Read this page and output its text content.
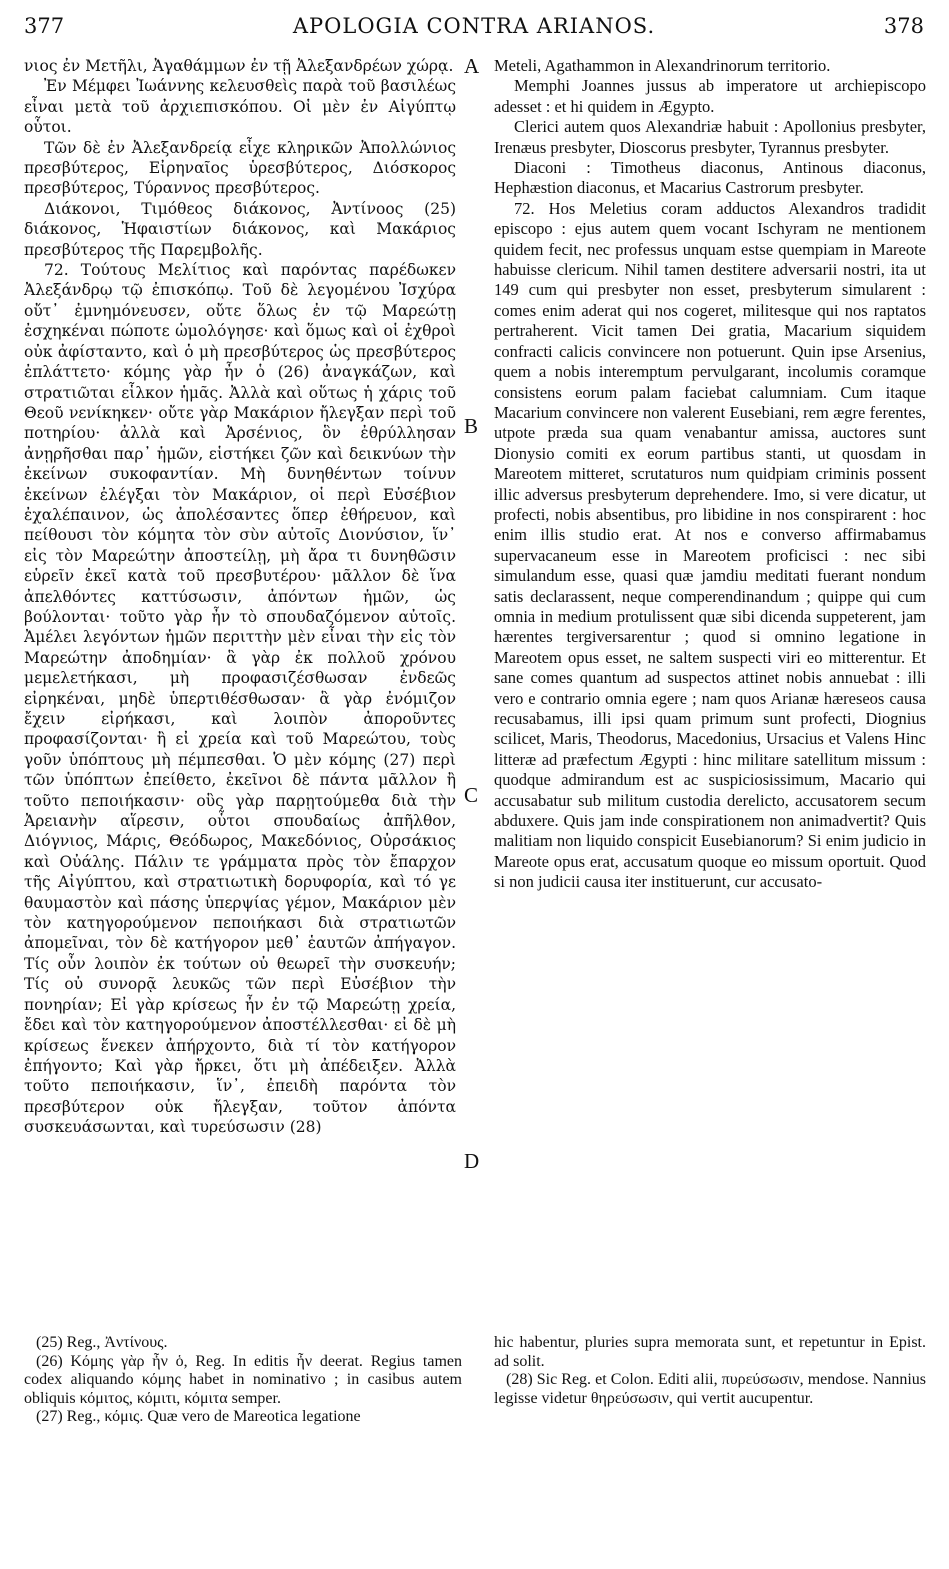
377	APOLOGIA CONTRA ARIANOS.	378

νιος ἐν Μετῆλι, Ἀγαθάμμων ἐν τῇ Ἀλεξανδρέων χώρᾳ.

Ἐν Μέμφει Ἰωάννης κελευσθεὶς παρὰ τοῦ βασιλέως εἶναι μετὰ τοῦ ἀρχιεπισκόπου. Οἱ μὲν ἐν Αἰγύπτῳ οὗτοι.

Τῶν δὲ ἐν Ἀλεξανδρείᾳ εἶχε κληρικῶν Ἀπολλώνιος πρεσβύτερος, Εἰρηναῖος ὑρεσβύτερος, Διόσκορος πρεσβύτερος, Τύραννος πρεσβύτερος.

Διάκονοι, Τιμόθεος διάκονος, Ἀντίνοος (25) διάκονος, Ἡφαιστίων διάκονος, καὶ Μακάριος πρεσβύτερος τῆς Παρεμβολῆς.

72. Τούτους Μελίτιος καὶ παρόντας παρέδωκεν Ἀλεξάνδρῳ τῷ ἐπισκόπῳ. Τοῦ δὲ λεγομένου Ἰσχύρα οὔτ᾽ ἐμνημόνευσεν, οὔτε ὅλως ἐν τῷ Μαρεώτῃ ἐσχηκέναι πώποτε ὡμολόγησε· καὶ ὅμως καὶ οἱ ἐχθροὶ οὐκ ἀφίσταντο, καὶ ὁ μὴ πρεσβύτερος ὡς πρεσβύτερος ἐπλάττετο· κόμης γὰρ ἦν ὁ (26) ἀναγκάζων, καὶ στρατιῶται εἷλκον ἡμᾶς. Ἀλλὰ καὶ οὕτως ἡ χάρις τοῦ Θεοῦ νενίκηκεν· οὔτε γὰρ Μακάριον ἤλεγξαν περὶ τοῦ ποτηρίου· ἀλλὰ καὶ Ἀρσένιος, ὃν ἐθρύλλησαν ἀνῃρῆσθαι παρ᾽ ἡμῶν, εἱστήκει ζῶν καὶ δεικνύων τὴν ἐκείνων συκοφαντίαν. Μὴ δυνηθέντων τοίνυν ἐκείνων ἐλέγξαι τὸν Μακάριον, οἱ περὶ Εὐσέβιον ἐχαλέπαινον, ὡς ἀπολέσαντες ὅπερ ἐθήρευον, καὶ πείθουσι τὸν κόμητα τὸν σὺν αὐτοῖς Διονύσιον, ἵν᾽ εἰς τὸν Μαρεώτην ἀποστείλῃ, μὴ ἄρα τι δυνηθῶσιν εὑρεῖν ἐκεῖ κατὰ τοῦ πρεσβυτέρου· μᾶλλον δὲ ἵνα ἀπελθόντες καττύσωσιν, ἀπόντων ἡμῶν, ὡς βούλονται· τοῦτο γὰρ ἦν τὸ σπουδαζόμενον αὐτοῖς. Ἀμέλει λεγόντων ἡμῶν περιττὴν μὲν εἶναι τὴν εἰς τὸν Μαρεώτην ἀποδημίαν· ἃ γὰρ ἐκ πολλοῦ χρόνου μεμελετήκασι, μὴ προφασιζέσθωσαν ἐνδεῶς εἰρηκέναι, μηδὲ ὑπερτιθέσθωσαν· ἃ γὰρ ἐνόμιζον ἔχειν εἰρήκασι, καὶ λοιπὸν ἀποροῦντες προφασίζονται· ἢ εἰ χρεία καὶ τοῦ Μαρεώτου, τοὺς γοῦν ὑπόπτους μὴ πέμπεσθαι. Ὁ μὲν κόμης (27) περὶ τῶν ὑπόπτων ἐπείθετο, ἐκεῖνοι δὲ πάντα μᾶλλον ἢ τοῦτο πεποιήκασιν· οὓς γὰρ παρῃτούμεθα διὰ τὴν Ἀρειανὴν αἵρεσιν, οὗτοι σπουδαίως ἀπῆλθον, Διόγνιος, Μάρις, Θεόδωρος, Μακεδόνιος, Οὐρσάκιος καὶ Οὐάλης. Πάλιν τε γράμματα πρὸς τὸν ἔπαρχον τῆς Αἰγύπτου, καὶ στρατιωτικὴ δορυφορία, καὶ τό γε θαυμαστὸν καὶ πάσης ὑπερψίας γέμον, Μακάριον μὲν τὸν κατηγορούμενον πεποιήκασι διὰ στρατιωτῶν ἀπομεῖναι, τὸν δὲ κατήγορον μεθ᾽ ἑαυτῶν ἀπήγαγον. Τίς οὖν λοιπὸν ἐκ τούτων οὐ θεωρεῖ τὴν συσκευήν; Τίς οὐ συνορᾷ λευκῶς τῶν περὶ Εὐσέβιον τὴν πονηρίαν; Εἰ γὰρ κρίσεως ἦν ἐν τῷ Μαρεώτῃ χρεία, ἔδει καὶ τὸν κατηγορούμενον ἀποστέλλεσθαι· εἰ δὲ μὴ κρίσεως ἕνεκεν ἀπήρχοντο, διὰ τί τὸν κατήγορον ἐπήγοντο; Καὶ γὰρ ἤρκει, ὅτι μὴ ἀπέδειξεν. Ἀλλὰ τοῦτο πεποιήκασιν, ἵν᾽, ἐπειδὴ παρόντα τὸν πρεσβύτερον οὐκ ἤλεγξαν, τοῦτον ἀπόντα συσκευάσωνται, καὶ τυρεύσωσιν (28)

A
B
C
D

Meteli, Agathammon in Alexandrinorum territorio.

Memphi Joannes jussus ab imperatore ut archiepiscopo adesset : et hi quidem in Ægypto.

Clerici autem quos Alexandriæ habuit : Apollonius presbyter, Irenæus presbyter, Dioscorus presbyter, Tyrannus presbyter.

Diaconi : Timotheus diaconus, Antinous diaconus, Hephæstion diaconus, et Macarius Castrorum presbyter.

72. Hos Meletius coram adductos Alexandros tradidit episcopo : ejus autem quem vocant Ischyram ne mentionem quidem fecit, nec professus unquam estse quempiam in Mareote habuisse clericum. Nihil tamen destitere adversarii nostri, ita ut 149 cum qui presbyter non esset, presbyterum simularent : comes enim aderat qui nos cogeret, militesque qui nos raptatos pertraherent. Vicit tamen Dei gratia, Macarium siquidem confracti calicis convincere non potuerunt. Quin ipse Arsenius, quem a nobis interemptum pervulgarant, incolumis coramque consistens eorum palam faciebat calumniam. Cum itaque Macarium convincere non valerent Eusebiani, rem ægre ferentes, utpote præda sua quam venabantur amissa, auctores sunt Dionysio comiti ex eorum partibus stanti, ut quosdam in Mareotem mitteret, scrutaturos num quidpiam criminis possent illic adversus presbyterum deprehendere. Imo, si vere dicatur, ut profecti, nobis absentibus, pro libidine in nos conspirarent : hoc enim illis studio erat. At nos e converso affirmabamus supervacaneum esse in Mareotem proficisci : nec sibi simulandum esse, quasi quæ jamdiu meditati fuerant nondum satis declarassent, neque comperendinandum ; quippe qui cum omnia in medium protulissent quæ sibi dicenda suppeterent, jam hærentes tergiversarentur ; quod si omnino legatione in Mareotem opus esset, ne saltem suspecti viri eo mitterentur. Et sane comes quantum ad suspectos attinet nobis annuebat : illi vero e contrario omnia egere ; nam quos Arianæ hæreseos causa recusabamus, illi ipsi quam primum sunt profecti, Diognius scilicet, Maris, Theodorus, Macedonius, Ursacius et Valens Hinc litteræ ad præfectum Ægypti : hinc militare satellitum missum : quodque admirandum est ac suspiciosissimum, Macario qui accusabatur sub militum custodia derelicto, accusatorem secum abduxere. Quis jam inde conspirationem non animadvertit? Quis malitiam non liquido conspicit Eusebianorum? Si enim judicio in Mareote opus erat, accusatum quoque eo missum oportuit. Quod si non judicii causa iter instituerunt, cur accusato-

(25) Reg., Ἀντίνους.

(26) Κόμης γὰρ ἦν ὁ, Reg. In editis ἦν deerat. Regius tamen codex aliquando κόμης habet in nominativo ; in casibus autem obliquis κόμιτος, κόμιτι, κόμιτα semper.

(27) Reg., κόμις. Quæ vero de Mareotica legatione

hic habentur, pluries supra memorata sunt, et repetuntur in Epist. ad solit.

(28) Sic Reg. et Colon. Editi alii, πυρεύσωσιν, mendose. Nannius legisse videtur θηρεύσωσιν, qui vertit aucupentur.
